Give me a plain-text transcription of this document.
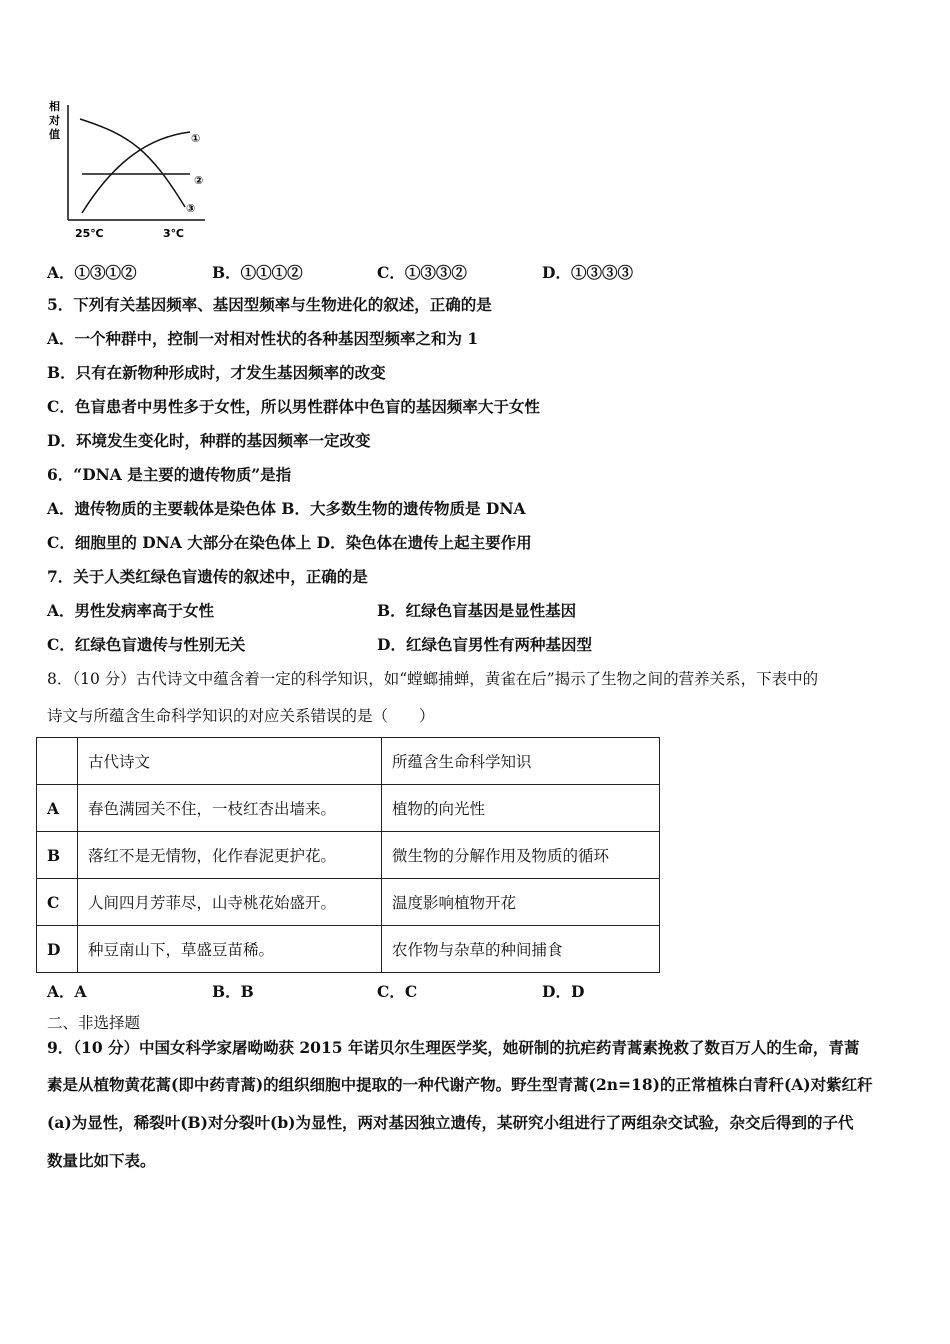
相
对
值	①
②
③
25℃	3℃
A．①③①②	B．①①①②	C．①③③②	D．①③③③
5．下列有关基因频率、基因型频率与生物进化的叙述，正确的是
A．一个种群中，控制一对相对性状的各种基因型频率之和为 1
B．只有在新物种形成时，才发生基因频率的改变
C．色盲患者中男性多于女性，所以男性群体中色盲的基因频率大于女性
D．环境发生变化时，种群的基因频率一定改变
6．“DNA 是主要的遗传物质”是指
A．遗传物质的主要载体是染色体 B．大多数生物的遗传物质是 DNA
C．细胞里的 DNA 大部分在染色体上 D．染色体在遗传上起主要作用
7．关于人类红绿色盲遗传的叙述中，正确的是
A．男性发病率高于女性	B．红绿色盲基因是显性基因
C．红绿色盲遗传与性别无关	D．红绿色盲男性有两种基因型
8．（10 分）古代诗文中蕴含着一定的科学知识，如“螳螂捕蝉，黄雀在后”揭示了生物之间的营养关系，下表中的
诗文与所蕴含生命科学知识的对应关系错误的是（　　）
	古代诗文	所蕴含生命科学知识
A	春色满园关不住，一枝红杏出墙来。	植物的向光性
B	落红不是无情物，化作春泥更护花。	微生物的分解作用及物质的循环
C	人间四月芳菲尽，山寺桃花始盛开。	温度影响植物开花
D	种豆南山下，草盛豆苗稀。	农作物与杂草的种间捕食
A．A	B．B	C．C	D．D
二、非选择题
9．（10 分）中国女科学家屠呦呦获 2015 年诺贝尔生理医学奖，她研制的抗疟药青蒿素挽救了数百万人的生命，青蒿
素是从植物黄花蒿(即中药青蒿)的组织细胞中提取的一种代谢产物。野生型青蒿(2n=18)的正常植株白青秆(A)对紫红秆
(a)为显性，稀裂叶(B)对分裂叶(b)为显性，两对基因独立遗传，某研究小组进行了两组杂交试验，杂交后得到的子代
数量比如下表。
